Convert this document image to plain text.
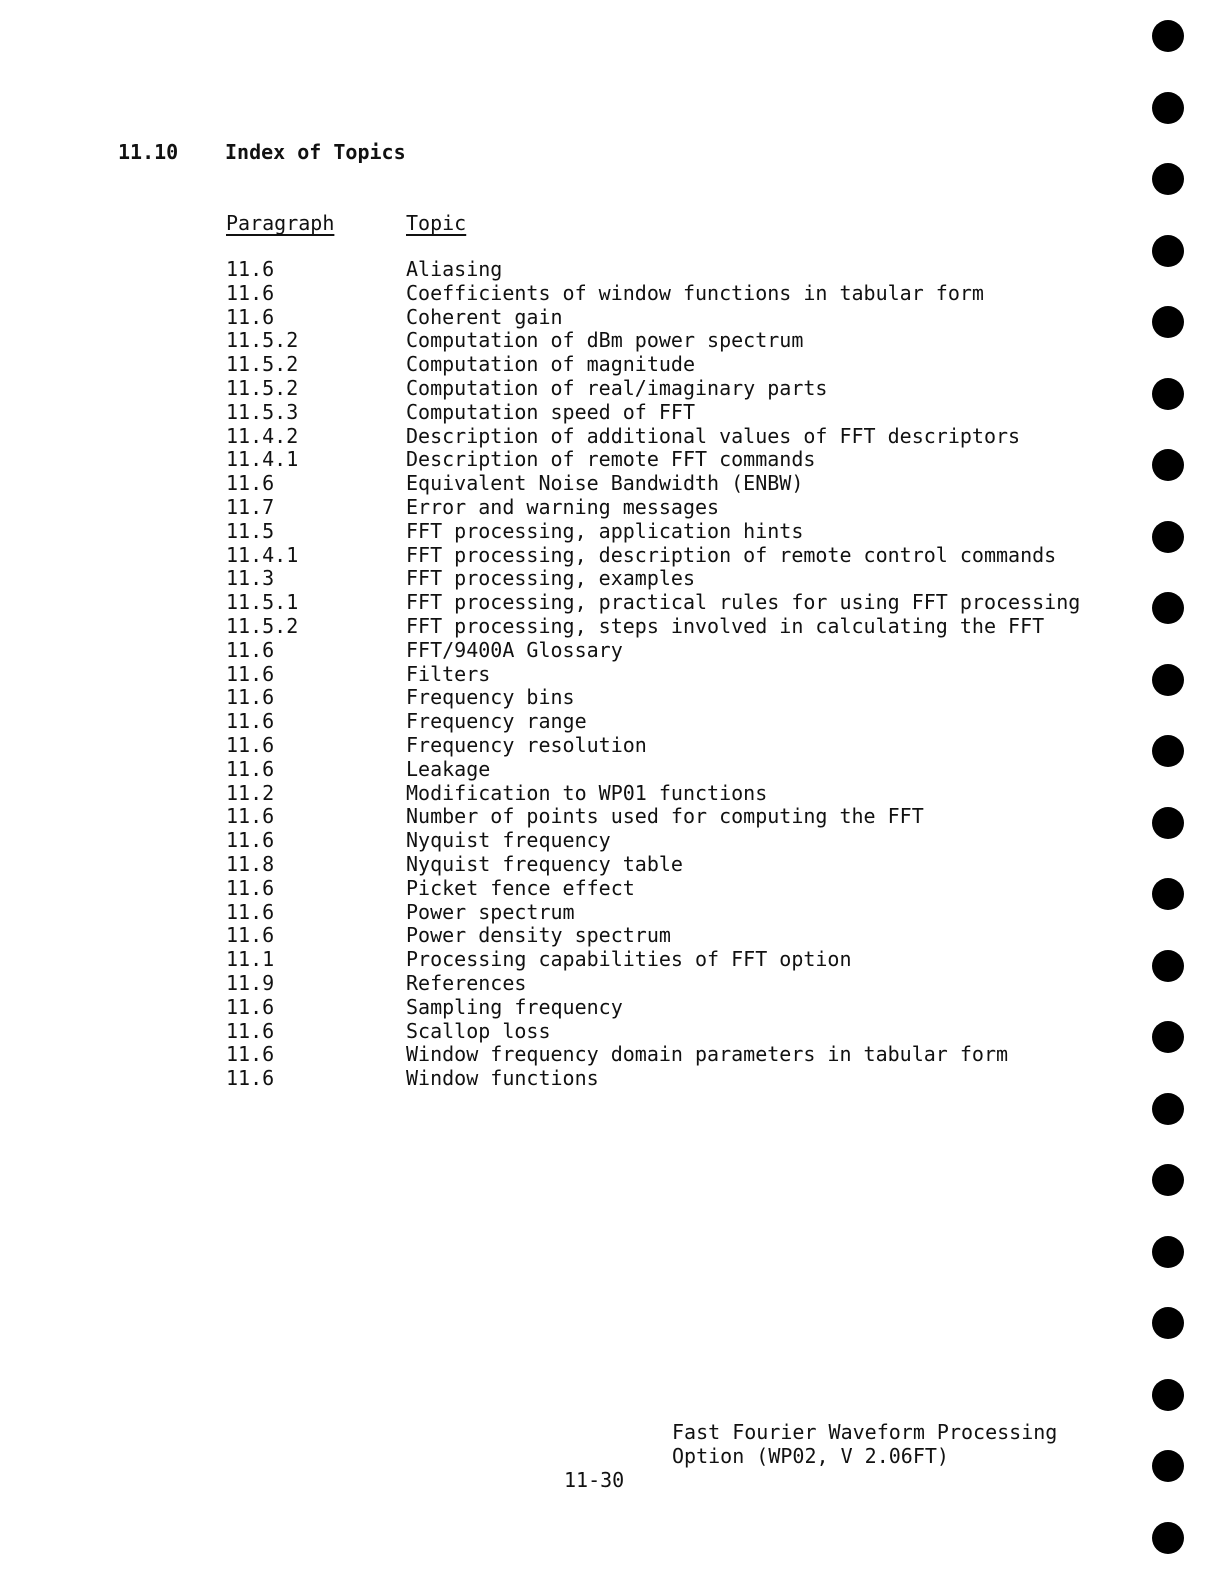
11.10 Index of Topics
Paragraph	Topic
11.6	Aliasing
11.6	Coefficients of window functions in tabular form
11.6	Coherent gain
11.5.2	Computation of dBm power spectrum
11.5.2	Computation of magnitude
11.5.2	Computation of real/imaginary parts
11.5.3	Computation speed of FFT
11.4.2	Description of additional values of FFT descriptors
11.4.1	Description of remote FFT commands
11.6	Equivalent Noise Bandwidth (ENBW)
11.7	Error and warning messages
11.5	FFT processing, application hints
11.4.1	FFT processing, description of remote control commands
11.3	FFT processing, examples
11.5.1	FFT processing, practical rules for using FFT processing
11.5.2	FFT processing, steps involved in calculating the FFT
11.6	FFT/9400A Glossary
11.6	Filters
11.6	Frequency bins
11.6	Frequency range
11.6	Frequency resolution
11.6	Leakage
11.2	Modification to WP01 functions
11.6	Number of points used for computing the FFT
11.6	Nyquist frequency
11.8	Nyquist frequency table
11.6	Picket fence effect
11.6	Power spectrum
11.6	Power density spectrum
11.1	Processing capabilities of FFT option
11.9	References
11.6	Sampling frequency
11.6	Scallop loss
11.6	Window frequency domain parameters in tabular form
11.6	Window functions
Fast Fourier Waveform Processing
Option (WP02, V 2.06FT)
11-30
